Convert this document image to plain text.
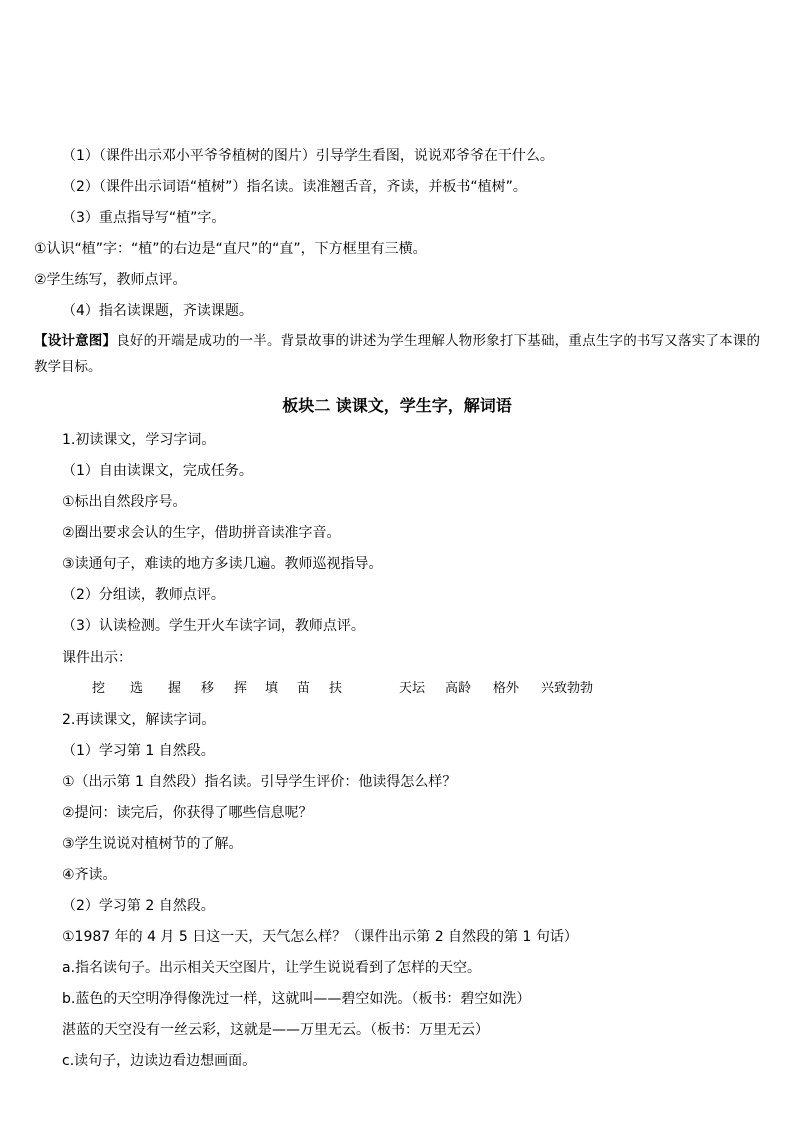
（1）（课件出示邓小平爷爷植树的图片）引导学生看图，说说邓爷爷在干什么。
（2）（课件出示词语“植树”）指名读。读准翘舌音，齐读，并板书“植树”。
（3）重点指导写“植”字。
①认识“植”字：“植”的右边是“直尺”的“直”，下方框里有三横。
②学生练写，教师点评。
（4）指名读课题，齐读课题。
【设计意图】良好的开端是成功的一半。背景故事的讲述为学生理解人物形象打下基础，重点生字的书写又落实了本课的教学目标。
板块二 读课文，学生字，解词语
1.初读课文，学习字词。
（1）自由读课文，完成任务。
①标出自然段序号。
②圈出要求会认的生字，借助拼音读准字音。
③读通句子，难读的地方多读几遍。教师巡视指导。
（2）分组读，教师点评。
（3）认读检测。学生开火车读字词，教师点评。
课件出示：
挖 选 握 移 挥 填 苗 扶	天坛 高龄 格外 兴致勃勃
2.再读课文，解读字词。
（1）学习第 1 自然段。
①（出示第 1 自然段）指名读。引导学生评价：他读得怎么样？
②提问：读完后，你获得了哪些信息呢？
③学生说说对植树节的了解。
④齐读。
（2）学习第 2 自然段。
①1987 年的 4 月 5 日这一天，天气怎么样？（课件出示第 2 自然段的第 1 句话）
a.指名读句子。出示相关天空图片，让学生说说看到了怎样的天空。
b.蓝色的天空明净得像洗过一样，这就叫——碧空如洗。（板书：碧空如洗）
湛蓝的天空没有一丝云彩，这就是——万里无云。（板书：万里无云）
c.读句子，边读边看边想画面。
